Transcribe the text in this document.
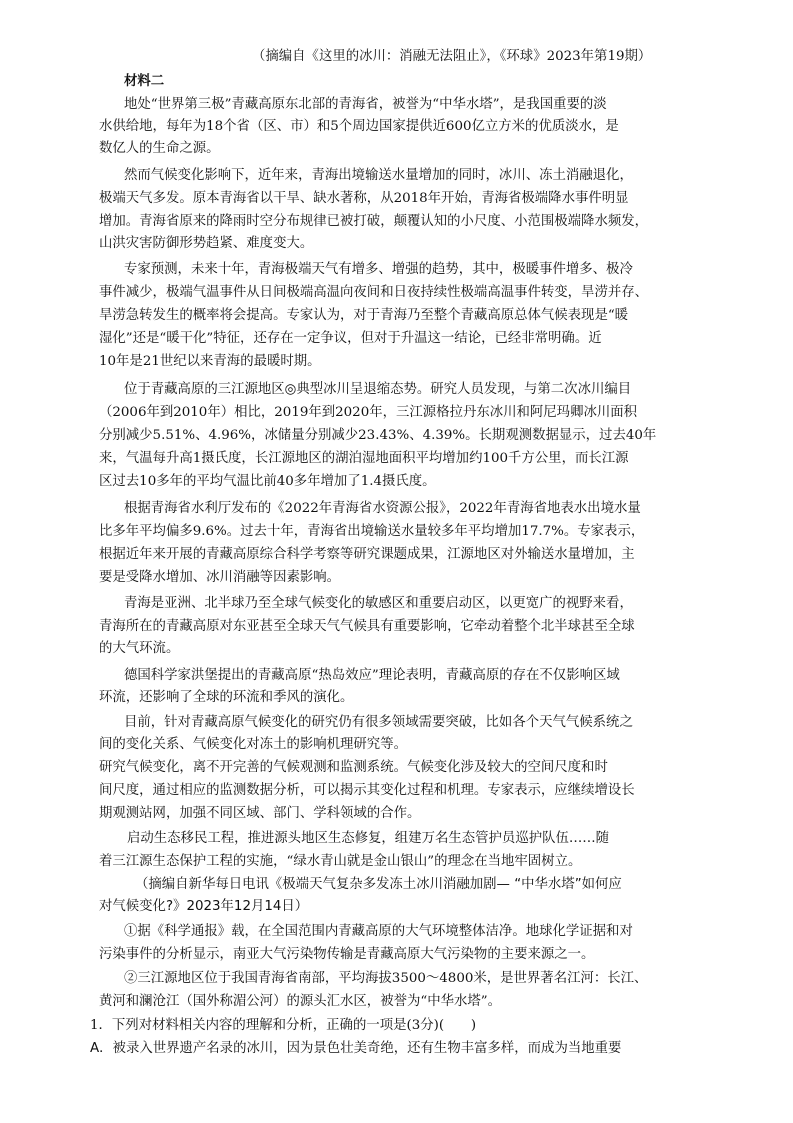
（摘编自《这里的冰川：消融无法阻止》，《环球》2023年第19期）
材料二
地处“世界第三极”青藏高原东北部的青海省，被誉为“中华水塔”，是我国重要的淡
水供给地，每年为18个省（区、市）和5个周边国家提供近600亿立方米的优质淡水，是
数亿人的生命之源。
然而气候变化影响下，近年来，青海出境输送水量增加的同时，冰川、冻土消融退化，
极端天气多发。原本青海省以干旱、缺水著称，从2018年开始，青海省极端降水事件明显
增加。青海省原来的降雨时空分布规律已被打破，颠覆认知的小尺度、小范围极端降水频发，
山洪灾害防御形势趋紧、难度变大。
专家预测，未来十年，青海极端天气有增多、增强的趋势，其中，极暖事件增多、极冷
事件减少，极端气温事件从日间极端高温向夜间和日夜持续性极端高温事件转变，旱涝并存、
旱涝急转发生的概率将会提高。专家认为，对于青海乃至整个青藏高原总体气候表现是“暖
湿化”还是“暖干化”特征，还存在一定争议，但对于升温这一结论，已经非常明确。近
10年是21世纪以来青海的最暖时期。
位于青藏高原的三江源地区◎典型冰川呈退缩态势。研究人员发现，与第二次冰川编目
（2006年到2010年）相比，2019年到2020年，三江源格拉丹东冰川和阿尼玛卿冰川面积
分别减少5.51%、4.96%，冰储量分别减少23.43%、4.39%。长期观测数据显示，过去40年
来，气温每升高1摄氏度，长江源地区的湖泊湿地面积平均增加约100千方公里，而长江源
区过去10多年的平均气温比前40多年增加了1.4摄氏度。
根据青海省水利厅发布的《2022年青海省水资源公报》，2022年青海省地表水出境水量
比多年平均偏多9.6%。过去十年，青海省出境输送水量较多年平均增加17.7%。专家表示，
根据近年来开展的青藏高原综合科学考察等研究课题成果，江源地区对外输送水量增加，主
要是受降水增加、冰川消融等因素影响。
青海是亚洲、北半球乃至全球气候变化的敏感区和重要启动区，以更宽广的视野来看，
青海所在的青藏高原对东亚甚至全球天气气候具有重要影响，它牵动着整个北半球甚至全球
的大气环流。
德国科学家洪堡提出的青藏高原“热岛效应”理论表明，青藏高原的存在不仅影响区域
环流，还影响了全球的环流和季风的演化。
目前，针对青藏高原气候变化的研究仍有很多领域需要突破，比如各个天气气候系统之
间的变化关系、气候变化对冻土的影响机理研究等。
研究气候变化，离不开完善的气候观测和监测系统。气候变化涉及较大的空间尺度和时
间尺度，通过相应的监测数据分析，可以揭示其变化过程和机理。专家表示，应继续增设长
期观测站网，加强不同区域、部门、学科领域的合作。
启动生态移民工程，推进源头地区生态修复，组建万名生态管护员巡护队伍……随
着三江源生态保护工程的实施，“绿水青山就是金山银山”的理念在当地牢固树立。
（摘编自新华每日电讯《极端天气复杂多发冻土冰川消融加剧— “中华水塔”如何应
对气候变化?》2023年12月14日）
①据《科学通报》载，在全国范围内青藏高原的大气环境整体洁净。地球化学证据和对
污染事件的分析显示，南亚大气污染物传输是青藏高原大气污染物的主要来源之一。
②三江源地区位于我国青海省南部，平均海拔3500～4800米，是世界著名江河：长江、
黄河和澜沧江（国外称湄公河）的源头汇水区，被誉为“中华水塔”。
1．下列对材料相关内容的理解和分析，正确的一项是(3分)(　　)
A．被录入世界遗产名录的冰川，因为景色壮美奇绝，还有生物丰富多样，而成为当地重要
